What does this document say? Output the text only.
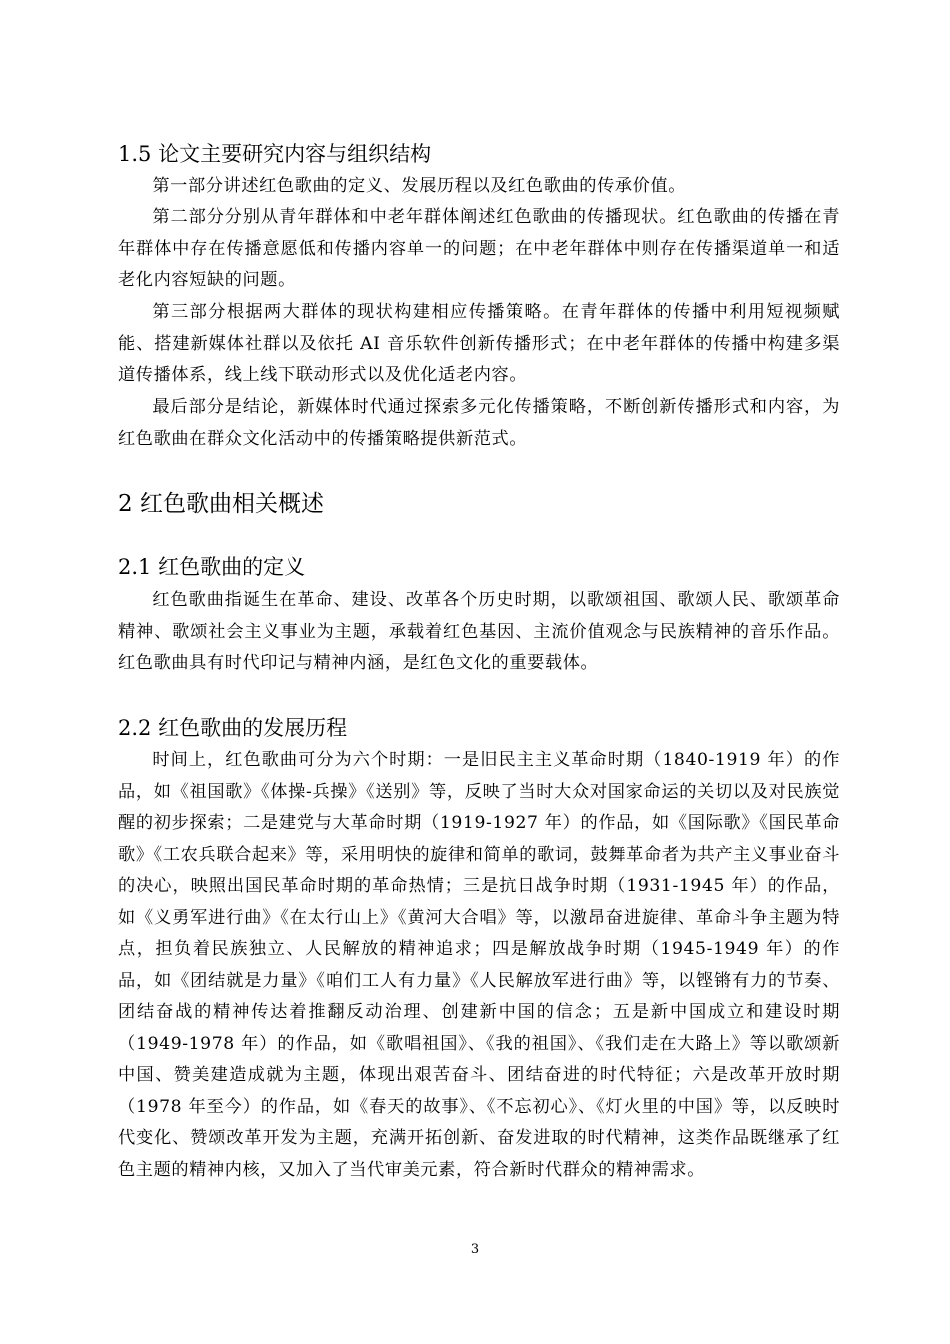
1.5 论文主要研究内容与组织结构
第一部分讲述红色歌曲的定义、发展历程以及红色歌曲的传承价值。
第二部分分别从青年群体和中老年群体阐述红色歌曲的传播现状。红色歌曲的传播在青年群体中存在传播意愿低和传播内容单一的问题；在中老年群体中则存在传播渠道单一和适老化内容短缺的问题。
第三部分根据两大群体的现状构建相应传播策略。在青年群体的传播中利用短视频赋能、搭建新媒体社群以及依托 AI 音乐软件创新传播形式；在中老年群体的传播中构建多渠道传播体系，线上线下联动形式以及优化适老内容。
最后部分是结论，新媒体时代通过探索多元化传播策略，不断创新传播形式和内容，为红色歌曲在群众文化活动中的传播策略提供新范式。
2 红色歌曲相关概述
2.1 红色歌曲的定义
红色歌曲指诞生在革命、建设、改革各个历史时期，以歌颂祖国、歌颂人民、歌颂革命精神、歌颂社会主义事业为主题，承载着红色基因、主流价值观念与民族精神的音乐作品。红色歌曲具有时代印记与精神内涵，是红色文化的重要载体。
2.2 红色歌曲的发展历程
时间上，红色歌曲可分为六个时期：一是旧民主主义革命时期（1840-1919 年）的作品，如《祖国歌》《体操-兵操》《送别》等，反映了当时大众对国家命运的关切以及对民族觉醒的初步探索；二是建党与大革命时期（1919-1927 年）的作品，如《国际歌》《国民革命歌》《工农兵联合起来》等，采用明快的旋律和简单的歌词，鼓舞革命者为共产主义事业奋斗的决心，映照出国民革命时期的革命热情；三是抗日战争时期（1931-1945 年）的作品，如《义勇军进行曲》《在太行山上》《黄河大合唱》等，以激昂奋进旋律、革命斗争主题为特点，担负着民族独立、人民解放的精神追求；四是解放战争时期（1945-1949 年）的作品，如《团结就是力量》《咱们工人有力量》《人民解放军进行曲》等，以铿锵有力的节奏、团结奋战的精神传达着推翻反动治理、创建新中国的信念；五是新中国成立和建设时期（1949-1978 年）的作品，如《歌唱祖国》、《我的祖国》、《我们走在大路上》等以歌颂新中国、赞美建造成就为主题，体现出艰苦奋斗、团结奋进的时代特征；六是改革开放时期（1978 年至今）的作品，如《春天的故事》、《不忘初心》、《灯火里的中国》等，以反映时代变化、赞颂改革开发为主题，充满开拓创新、奋发进取的时代精神，这类作品既继承了红色主题的精神内核，又加入了当代审美元素，符合新时代群众的精神需求。
3
